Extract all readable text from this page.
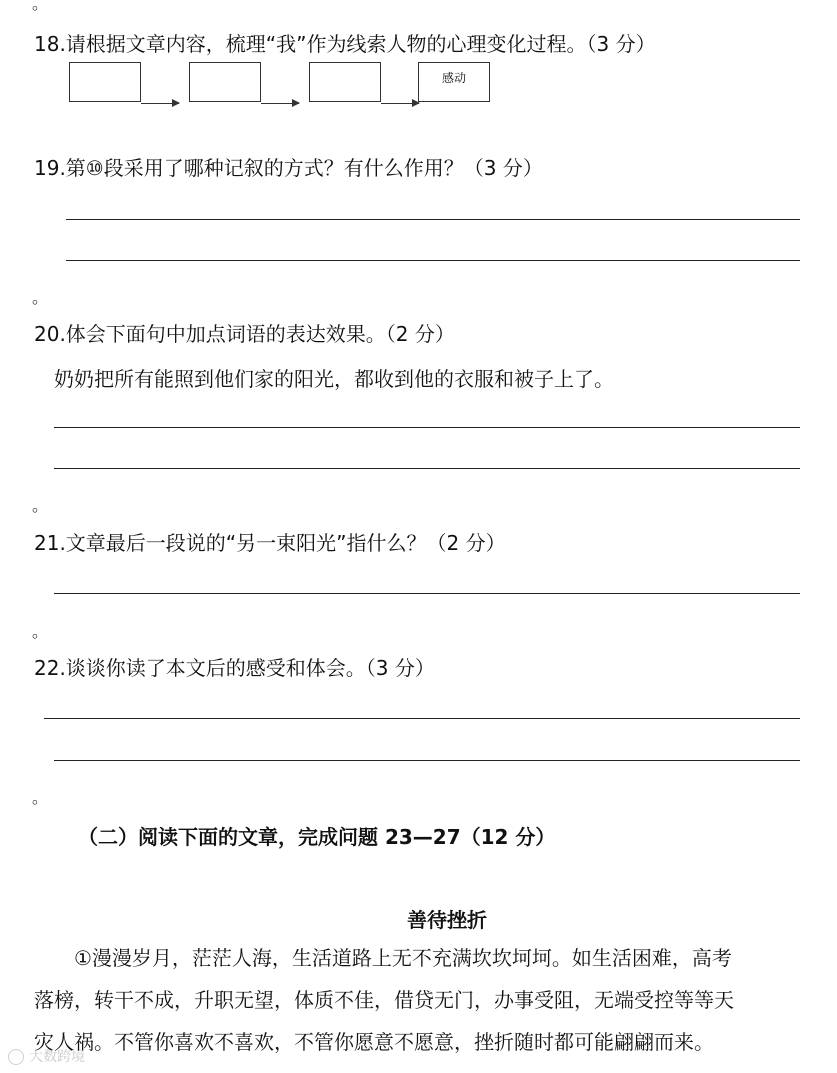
。
18.请根据文章内容，梳理“我”作为线索人物的心理变化过程。（3 分）
感动
19.第⑩段采用了哪种记叙的方式？有什么作用？（3 分）
。
20.体会下面句中加点词语的表达效果。（2 分）
奶奶把所有能照到他们家的阳光，都收到他的衣服和被子上了。
。
21.文章最后一段说的“另一束阳光”指什么？（2 分）
。
22.谈谈你读了本文后的感受和体会。（3 分）
。
（二）阅读下面的文章，完成问题 23—27（12 分）
善待挫折
①漫漫岁月，茫茫人海，生活道路上无不充满坎坎坷坷。如生活困难，高考
落榜，转干不成，升职无望，体质不佳，借贷无门，办事受阻，无端受控等等天
灾人祸。不管你喜欢不喜欢，不管你愿意不愿意，挫折随时都可能翩翩而来。
大数跨境
